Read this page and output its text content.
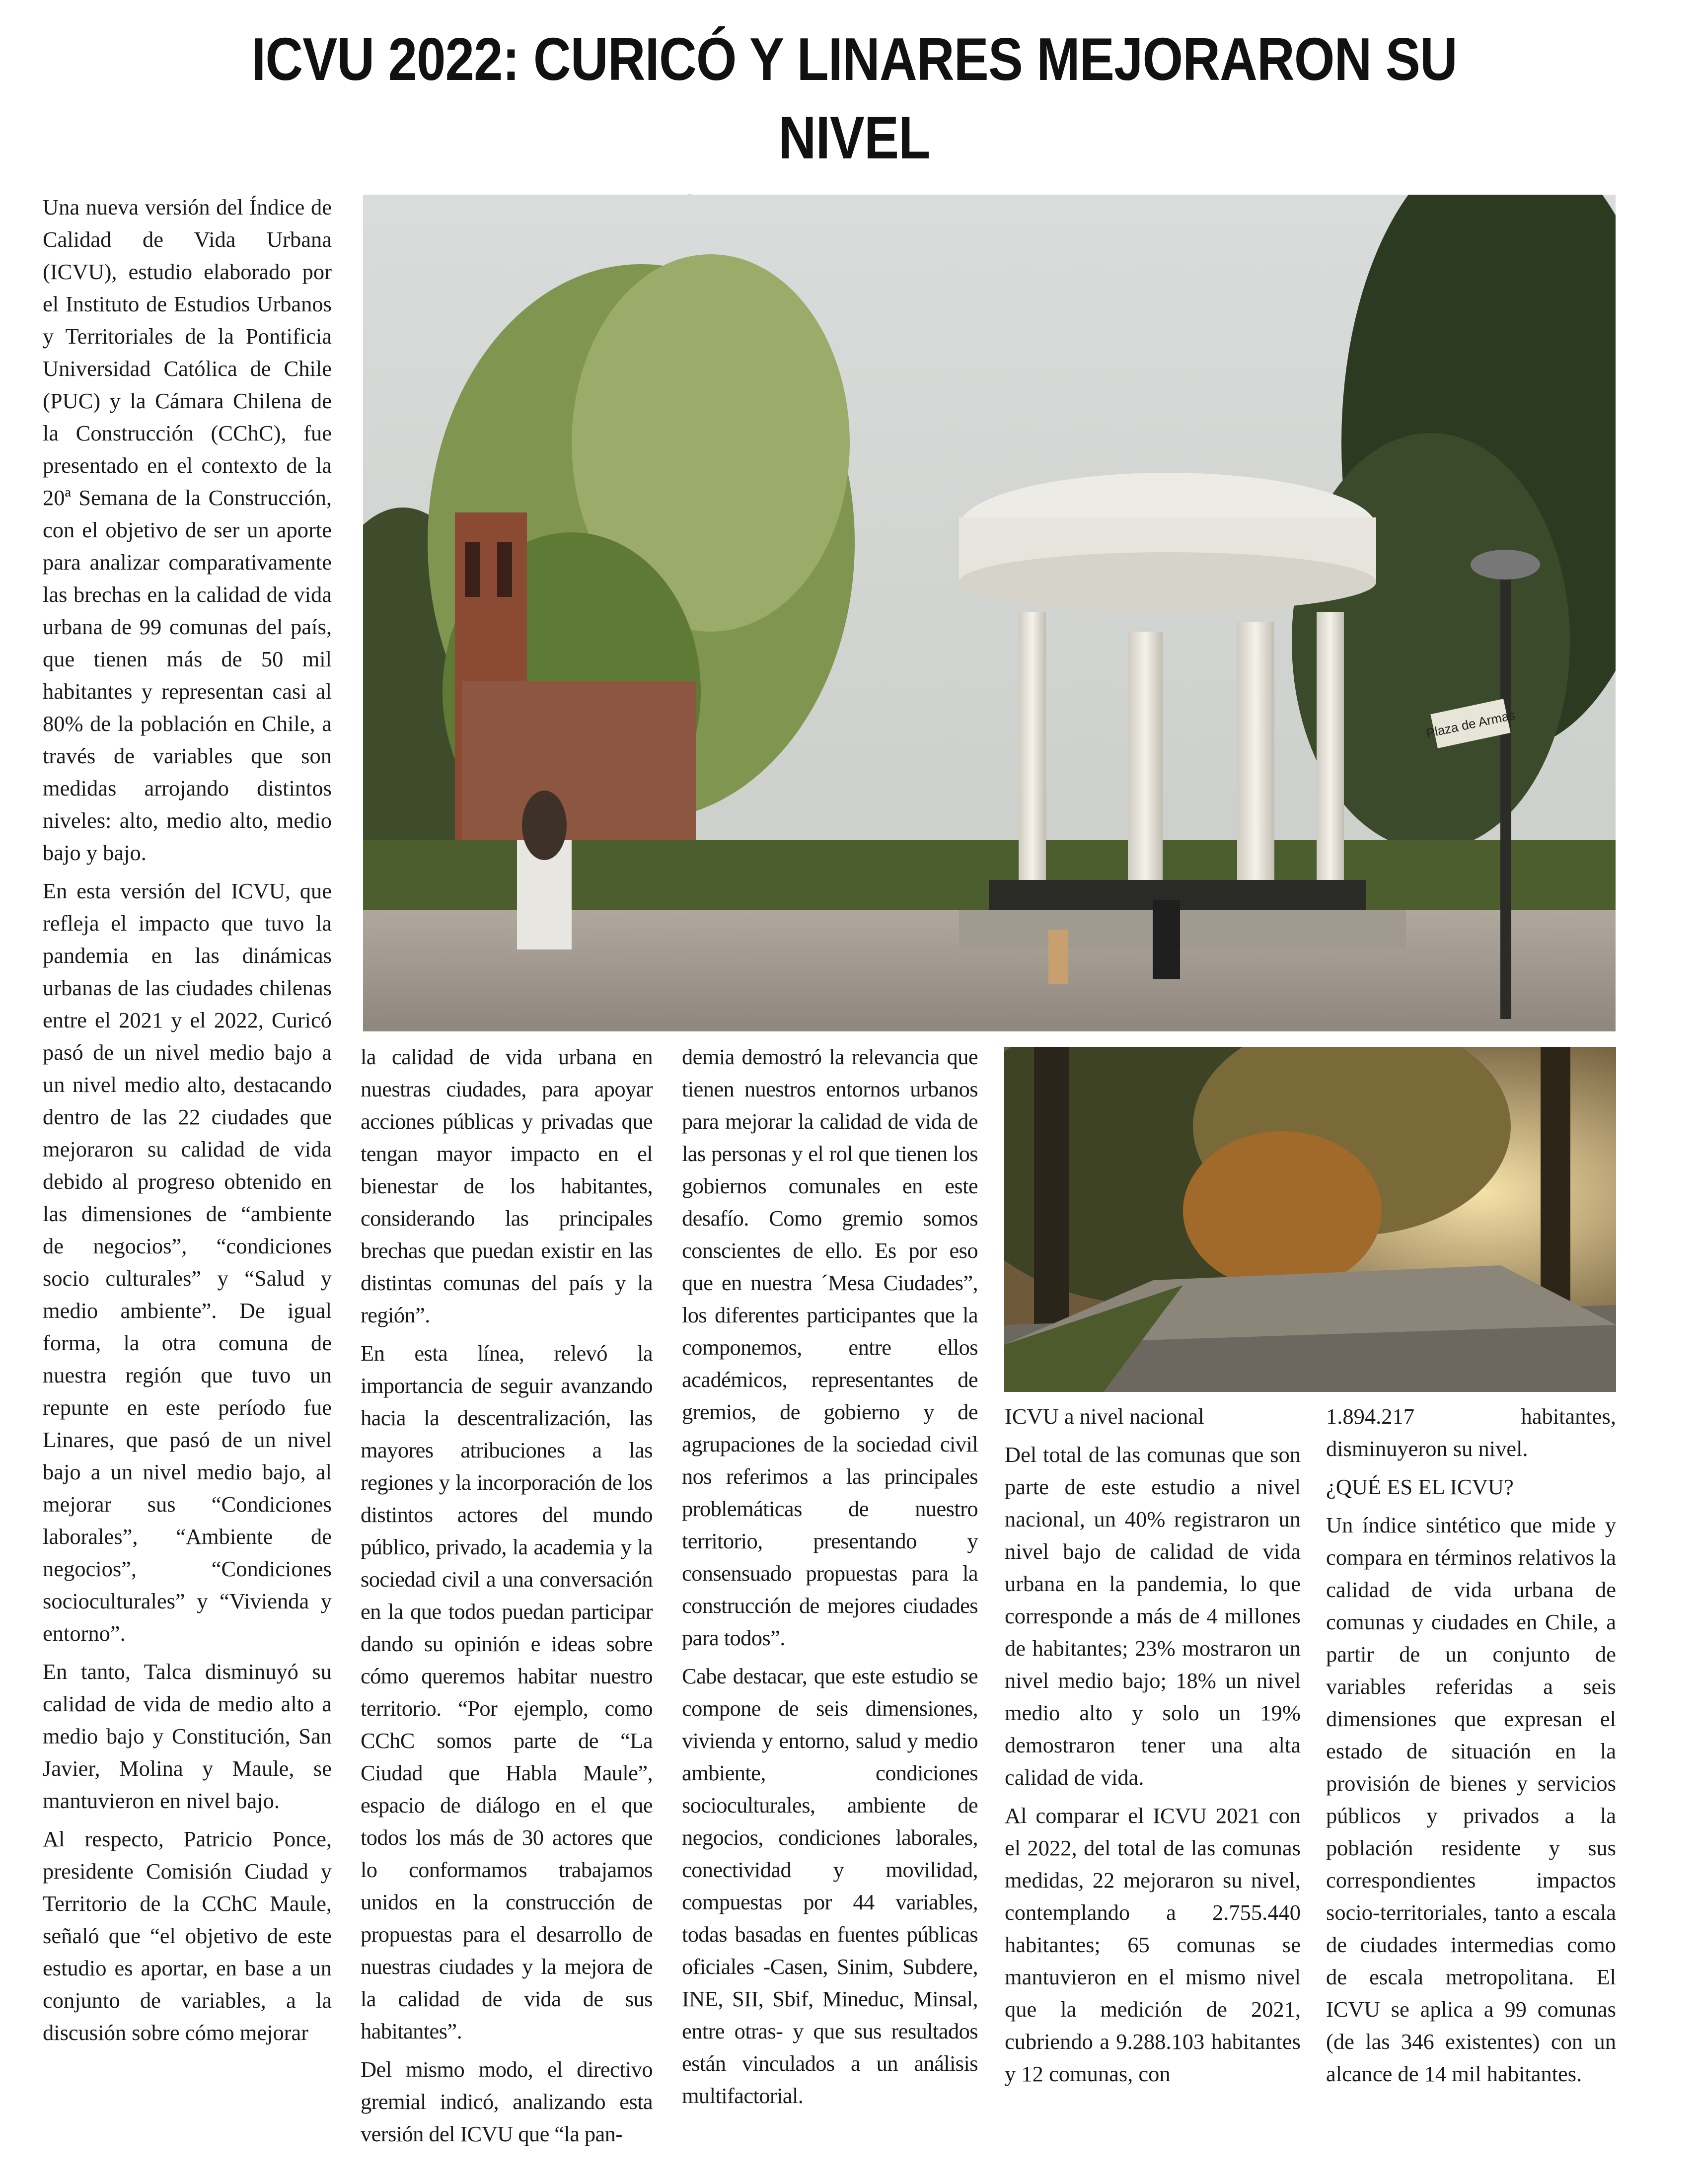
ICVU 2022: CURICÓ Y LINARES MEJORARON SU NIVEL

Una nueva versión del Índice de Calidad de Vida Urbana (ICVU), estudio elaborado por el Instituto de Estudios Urbanos y Territoriales de la Pontificia Universidad Católica de Chile (PUC) y la Cámara Chilena de la Construcción (CChC), fue presentado en el contexto de la 20ª Semana de la Construcción, con el objetivo de ser un aporte para analizar comparativamente las brechas en la calidad de vida urbana de 99 comunas del país, que tienen más de 50 mil habitantes y representan casi al 80% de la población en Chile, a través de variables que son medidas arrojando distintos niveles: alto, medio alto, medio bajo y bajo.

En esta versión del ICVU, que refleja el impacto que tuvo la pandemia en las dinámicas urbanas de las ciudades chilenas entre el 2021 y el 2022, Curicó pasó de un nivel medio bajo a un nivel medio alto, destacando dentro de las 22 ciudades que mejoraron su calidad de vida debido al progreso obtenido en las dimensiones de “ambiente de negocios”, “condiciones socio culturales” y “Salud y medio ambiente”. De igual forma, la otra comuna de nuestra región que tuvo un repunte en este período fue Linares, que pasó de un nivel bajo a un nivel medio bajo, al mejorar sus “Condiciones laborales”, “Ambiente de negocios”, “Condiciones socioculturales” y “Vivienda y entorno”.

En tanto, Talca disminuyó su calidad de vida de medio alto a medio bajo y Constitución, San Javier, Molina y Maule, se mantuvieron en nivel bajo.

Al respecto, Patricio Ponce, presidente Comisión Ciudad y Territorio de la CChC Maule, señaló que “el objetivo de este estudio es aportar, en base a un conjunto de variables, a la discusión sobre cómo mejorar

Plaza de Armas

la calidad de vida urbana en nuestras ciudades, para apoyar acciones públicas y privadas que tengan mayor impacto en el bienestar de los habitantes, considerando las principales brechas que puedan existir en las distintas comunas del país y la región”.

En esta línea, relevó la importancia de seguir avanzando hacia la descentralización, las mayores atribuciones a las regiones y la incorporación de los distintos actores del mundo público, privado, la academia y la sociedad civil a una conversación en la que todos puedan participar dando su opinión e ideas sobre cómo queremos habitar nuestro territorio. “Por ejemplo, como CChC somos parte de “La Ciudad que Habla Maule”, espacio de diálogo en el que todos los más de 30 actores que lo conformamos trabajamos unidos en la construcción de propuestas para el desarrollo de nuestras ciudades y la mejora de la calidad de vida de sus habitantes”.

Del mismo modo, el directivo gremial indicó, analizando esta versión del ICVU que “la pan-

demia demostró la relevancia que tienen nuestros entornos urbanos para mejorar la calidad de vida de las personas y el rol que tienen los gobiernos comunales en este desafío. Como gremio somos conscientes de ello. Es por eso que en nuestra ´Mesa Ciudades”, los diferentes participantes que la componemos, entre ellos académicos, representantes de gremios, de gobierno y de agrupaciones de la sociedad civil nos referimos a las principales problemáticas de nuestro territorio, presentando y consensuado propuestas para la construcción de mejores ciudades para todos”.

Cabe destacar, que este estudio se compone de seis dimensiones, vivienda y entorno, salud y medio ambiente, condiciones socioculturales, ambiente de negocios, condiciones laborales, conectividad y movilidad, compuestas por 44 variables, todas basadas en fuentes públicas oficiales -Casen, Sinim, Subdere, INE, SII, Sbif, Mineduc, Minsal, entre otras- y que sus resultados están vinculados a un análisis multifactorial.

ICVU a nivel nacional

Del total de las comunas que son parte de este estudio a nivel nacional, un 40% registraron un nivel bajo de calidad de vida urbana en la pandemia, lo que corresponde a más de 4 millones de habitantes; 23% mostraron un nivel medio bajo; 18% un nivel medio alto y solo un 19% demostraron tener una alta calidad de vida.

Al comparar el ICVU 2021 con el 2022, del total de las comunas medidas, 22 mejoraron su nivel, contemplando a 2.755.440 habitantes; 65 comunas se mantuvieron en el mismo nivel que la medición de 2021, cubriendo a 9.288.103 habitantes y 12 comunas, con

1.894.217 habitantes, disminuyeron su nivel.

¿QUÉ ES EL ICVU?

Un índice sintético que mide y compara en términos relativos la calidad de vida urbana de comunas y ciudades en Chile, a partir de un conjunto de variables referidas a seis dimensiones que expresan el estado de situación en la provisión de bienes y servicios públicos y privados a la población residente y sus correspondientes impactos socio-territoriales, tanto a escala de ciudades intermedias como de escala metropolitana. El ICVU se aplica a 99 comunas (de las 346 existentes) con un alcance de 14 mil habitantes.
